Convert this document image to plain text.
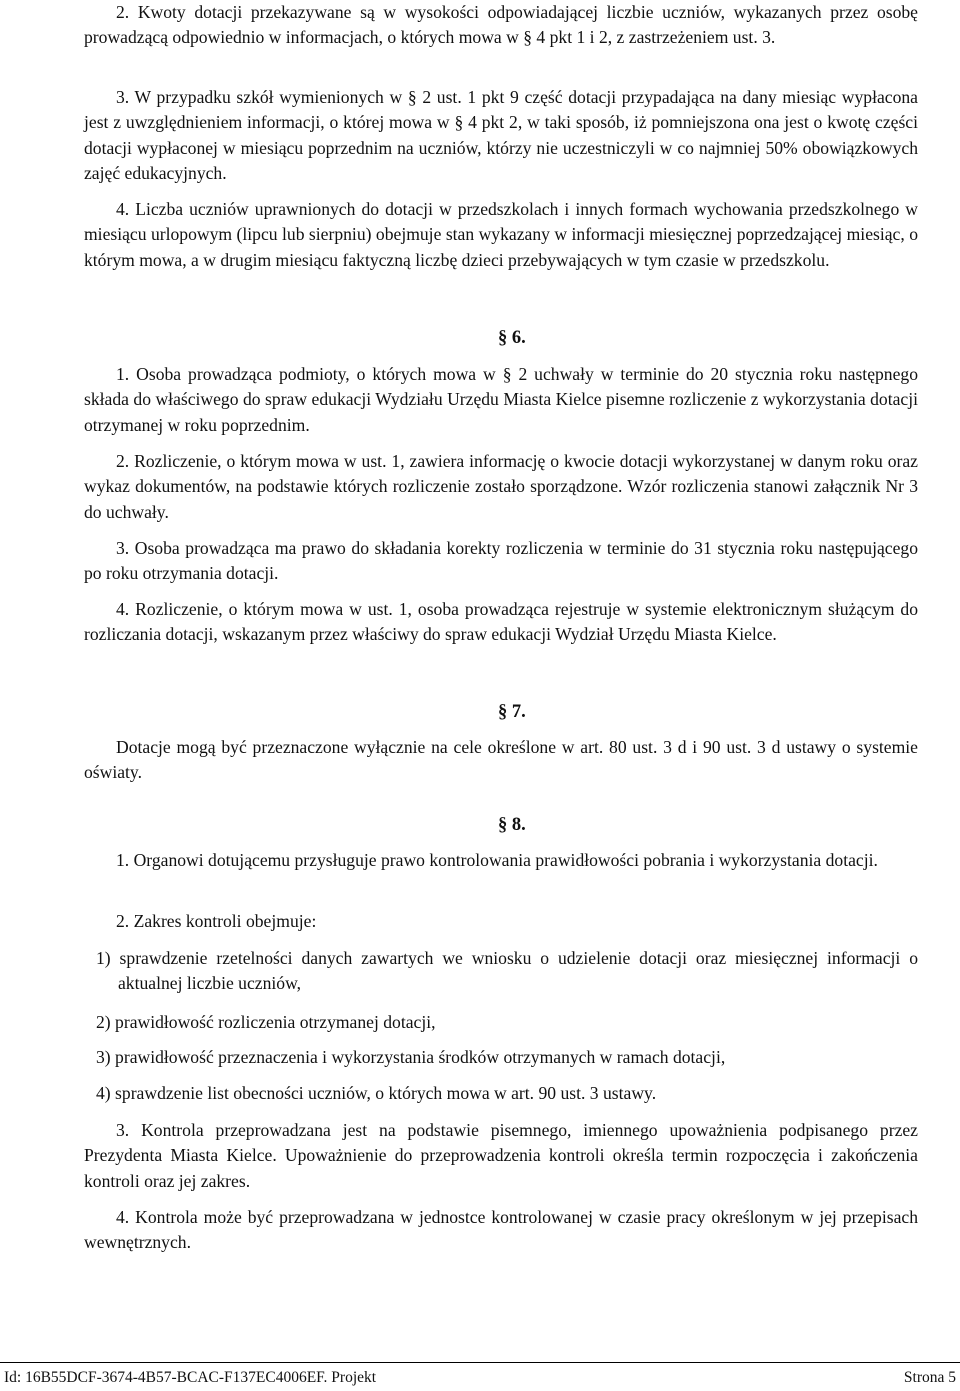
2. Kwoty dotacji przekazywane są w wysokości odpowiadającej liczbie uczniów, wykazanych przez osobę prowadzącą odpowiednio w informacjach, o których mowa w § 4 pkt 1 i 2, z zastrzeżeniem ust. 3.

3. W przypadku szkół wymienionych w § 2 ust. 1 pkt 9 część dotacji przypadająca na dany miesiąc wypłacona jest z uwzględnieniem informacji, o której mowa w § 4 pkt 2, w taki sposób, iż pomniejszona ona jest o kwotę części dotacji wypłaconej w miesiącu poprzednim na uczniów, którzy nie uczestniczyli w co najmniej 50% obowiązkowych zajęć edukacyjnych.

4. Liczba uczniów uprawnionych do dotacji w przedszkolach i innych formach wychowania przedszkolnego w miesiącu urlopowym (lipcu lub sierpniu) obejmuje stan wykazany w informacji miesięcznej poprzedzającej miesiąc, o którym mowa, a w drugim miesiącu faktyczną liczbę dzieci przebywających w tym czasie w przedszkolu.

§ 6.

1. Osoba prowadząca podmioty, o których mowa w § 2 uchwały w terminie do 20 stycznia roku następnego składa do właściwego do spraw edukacji Wydziału Urzędu Miasta Kielce pisemne rozliczenie z wykorzystania dotacji otrzymanej w roku poprzednim.

2. Rozliczenie, o którym mowa w ust. 1, zawiera informację o kwocie dotacji wykorzystanej w danym roku oraz wykaz dokumentów, na podstawie których rozliczenie zostało sporządzone. Wzór rozliczenia stanowi załącznik Nr 3 do uchwały.

3. Osoba prowadząca ma prawo do składania korekty rozliczenia w terminie do 31 stycznia roku następującego po roku otrzymania dotacji.

4. Rozliczenie, o którym mowa w ust. 1, osoba prowadząca rejestruje w systemie elektronicznym służącym do rozliczania dotacji, wskazanym przez właściwy do spraw edukacji Wydział Urzędu Miasta Kielce.

§ 7.

Dotacje mogą być przeznaczone wyłącznie na cele określone w art. 80 ust. 3 d i 90 ust. 3 d ustawy o systemie oświaty.

§ 8.

1. Organowi dotującemu przysługuje prawo kontrolowania prawidłowości pobrania i wykorzystania dotacji.

2. Zakres kontroli obejmuje:

1) sprawdzenie rzetelności danych zawartych we wniosku o udzielenie dotacji oraz miesięcznej informacji o aktualnej liczbie uczniów,

2) prawidłowość rozliczenia otrzymanej dotacji,

3) prawidłowość przeznaczenia i wykorzystania środków otrzymanych w ramach dotacji,

4) sprawdzenie list obecności uczniów, o których mowa w art. 90 ust. 3 ustawy.

3. Kontrola przeprowadzana jest na podstawie pisemnego, imiennego upoważnienia podpisanego przez Prezydenta Miasta Kielce. Upoważnienie do przeprowadzenia kontroli określa termin rozpoczęcia i zakończenia kontroli oraz jej zakres.

4. Kontrola może być przeprowadzana w jednostce kontrolowanej w czasie pracy określonym w jej przepisach wewnętrznych.

Id: 16B55DCF-3674-4B57-BCAC-F137EC4006EF. Projekt	Strona 5
